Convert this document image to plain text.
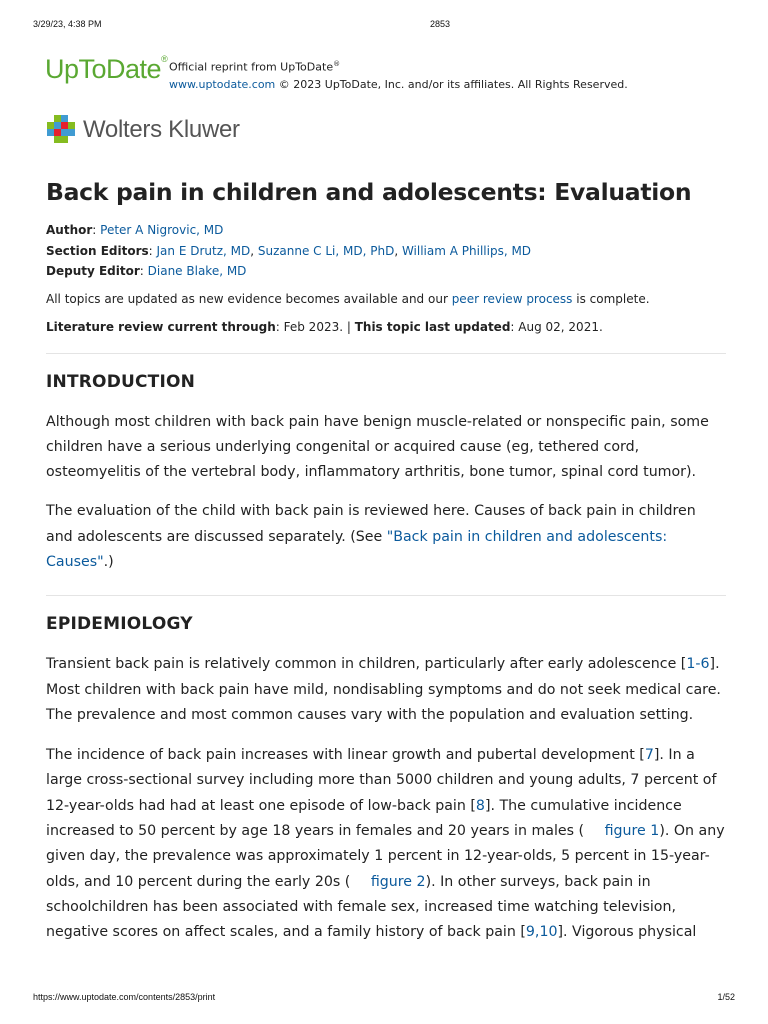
3/29/23, 4:38 PM	2853
UpToDate®
Official reprint from UpToDate®
www.uptodate.com © 2023 UpToDate, Inc. and/or its affiliates. All Rights Reserved.
Wolters Kluwer
Back pain in children and adolescents: Evaluation
Author: Peter A Nigrovic, MD
Section Editors: Jan E Drutz, MD, Suzanne C Li, MD, PhD, William A Phillips, MD
Deputy Editor: Diane Blake, MD
All topics are updated as new evidence becomes available and our peer review process is complete.
Literature review current through: Feb 2023. | This topic last updated: Aug 02, 2021.
INTRODUCTION

Although most children with back pain have benign muscle-related or nonspecific pain, some children have a serious underlying congenital or acquired cause (eg, tethered cord, osteomyelitis of the vertebral body, inflammatory arthritis, bone tumor, spinal cord tumor).

The evaluation of the child with back pain is reviewed here. Causes of back pain in children and adolescents are discussed separately. (See "Back pain in children and adolescents: Causes".)

EPIDEMIOLOGY

Transient back pain is relatively common in children, particularly after early adolescence [1-6]. Most children with back pain have mild, nondisabling symptoms and do not seek medical care. The prevalence and most common causes vary with the population and evaluation setting.

The incidence of back pain increases with linear growth and pubertal development [7]. In a large cross-sectional survey including more than 5000 children and young adults, 7 percent of 12-year-olds had had at least one episode of low-back pain [8]. The cumulative incidence increased to 50 percent by age 18 years in females and 20 years in males ( figure 1). On any given day, the prevalence was approximately 1 percent in 12-year-olds, 5 percent in 15-year-olds, and 10 percent during the early 20s ( figure 2). In other surveys, back pain in schoolchildren has been associated with female sex, increased time watching television, negative scores on affect scales, and a family history of back pain [9,10]. Vigorous physical

https://www.uptodate.com/contents/2853/print	1/52
